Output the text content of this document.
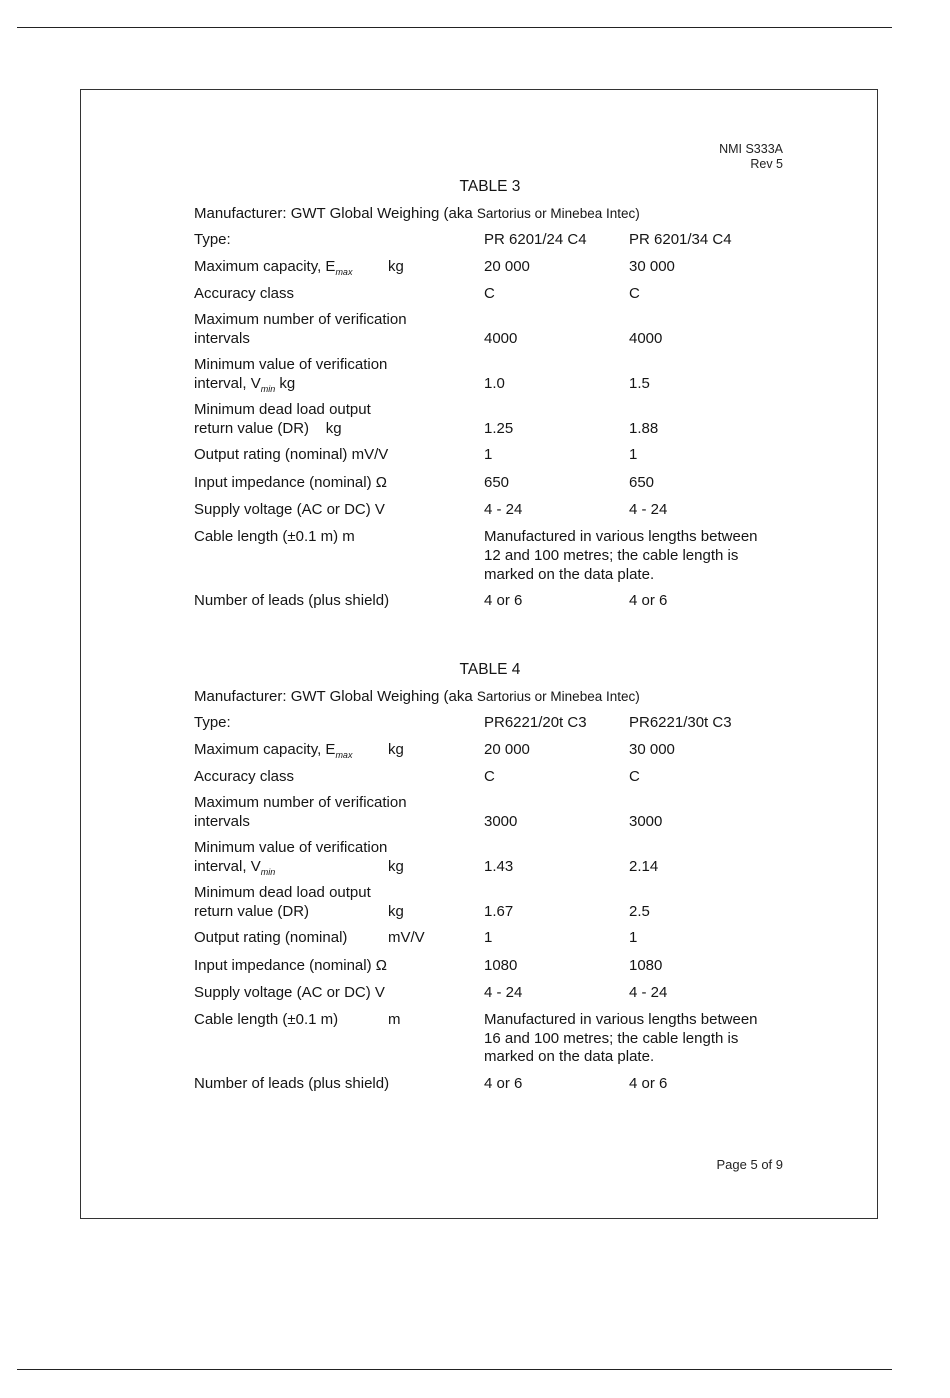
NMI S333A
Rev 5
TABLE 3
Manufacturer: GWT Global Weighing (aka Sartorius or Minebea Intec)
Type:	PR 6201/24 C4	PR 6201/34 C4
Maximum capacity, $E_{max}$ kg	20 000	30 000
Accuracy class	C	C
Maximum number of verification
intervals	4000	4000
Minimum value of verification
interval, $V_{min}$ kg	1.0	1.5
Minimum dead load output
return value (DR) kg	1.25	1.88
Output rating (nominal) mV/V	1	1
Input impedance (nominal) Ω	650	650
Supply voltage (AC or DC) V	4 - 24	4 - 24
Cable length (±0.1 m) m	Manufactured in various lengths between
12 and 100 metres; the cable length is
marked on the data plate.
Number of leads (plus shield)	4 or 6	4 or 6
TABLE 4
Manufacturer: GWT Global Weighing (aka Sartorius or Minebea Intec)
Type:	PR6221/20t C3	PR6221/30t C3
Maximum capacity, $E_{max}$ kg	20 000	30 000
Accuracy class	C	C
Maximum number of verification
intervals	3000	3000
Minimum value of verification
interval, $V_{min}$	kg	1.43	2.14
Minimum dead load output
return value (DR)	kg	1.67	2.5
Output rating (nominal)	mV/V	1	1
Input impedance (nominal) Ω	1080	1080
Supply voltage (AC or DC) V	4 - 24	4 - 24
Cable length (±0.1 m)	m	Manufactured in various lengths between
16 and 100 metres; the cable length is
marked on the data plate.
Number of leads (plus shield)	4 or 6	4 or 6
Page 5 of 9
